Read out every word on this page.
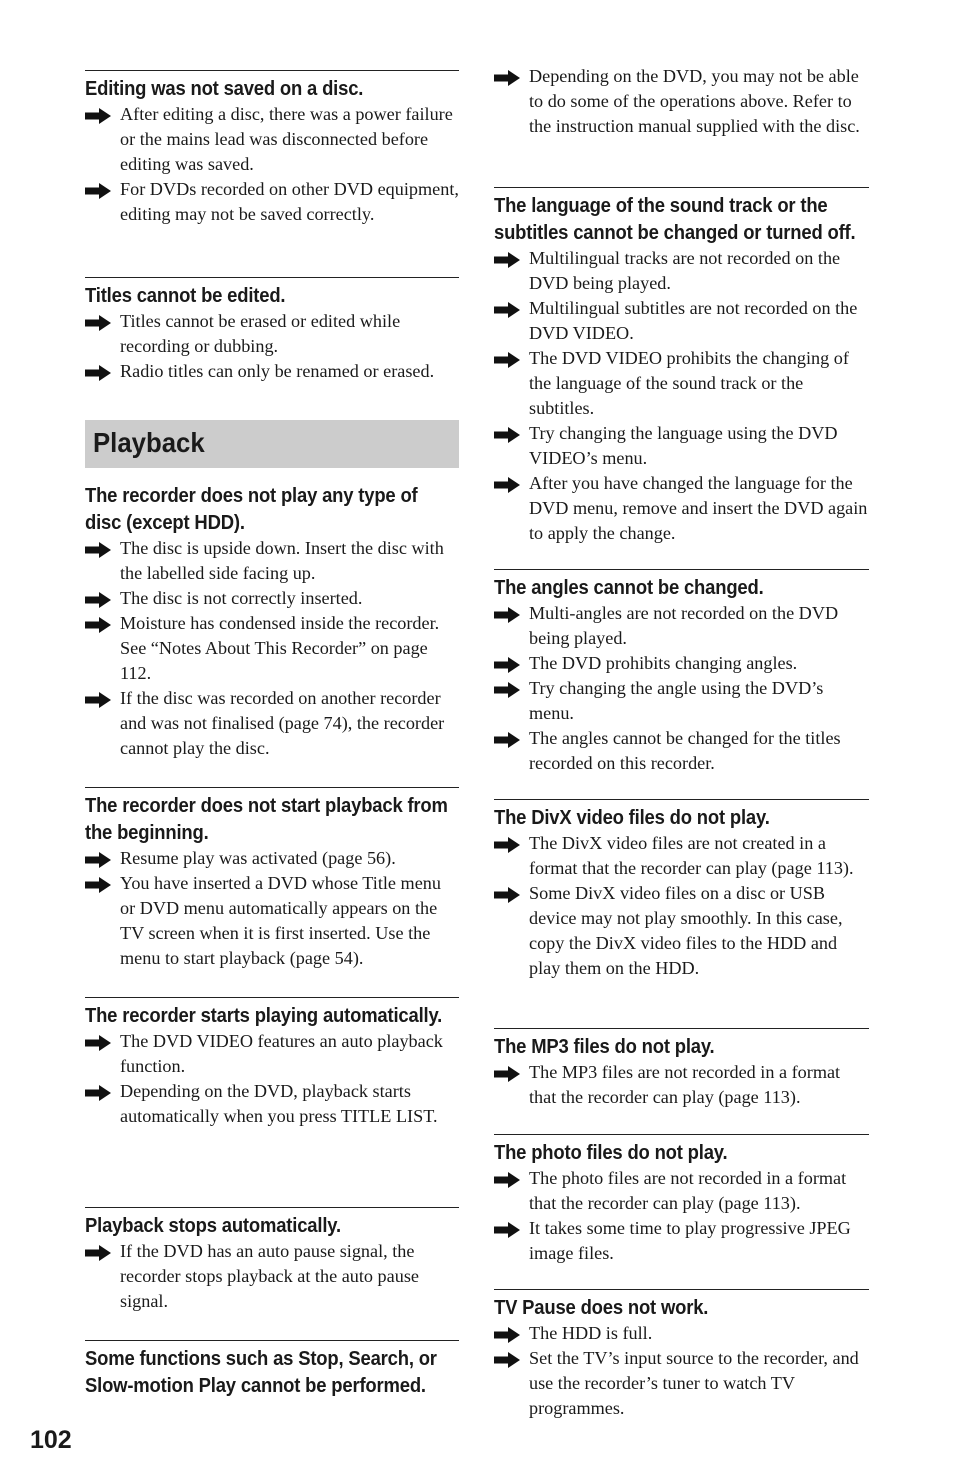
Editing was not saved on a disc.
After editing a disc, there was a power failure or the mains lead was disconnected before editing was saved.
For DVDs recorded on other DVD equipment, editing may not be saved correctly.
Titles cannot be edited.
Titles cannot be erased or edited while recording or dubbing.
Radio titles can only be renamed or erased.
The recorder does not play any type of disc (except HDD).
The disc is upside down. Insert the disc with the labelled side facing up.
The disc is not correctly inserted.
Moisture has condensed inside the recorder. See “Notes About This Recorder” on page 112.
If the disc was recorded on another recorder and was not finalised (page 74), the recorder cannot play the disc.
The recorder does not start playback from the beginning.
Resume play was activated (page 56).
You have inserted a DVD whose Title menu or DVD menu automatically appears on the TV screen when it is first inserted. Use the menu to start playback (page 54).
The recorder starts playing automatically.
The DVD VIDEO features an auto playback function.
Depending on the DVD, playback starts automatically when you press TITLE LIST.
Playback stops automatically.
If the DVD has an auto pause signal, the recorder stops playback at the auto pause signal.
Some functions such as Stop, Search, or Slow-motion Play cannot be performed.
Playback
Depending on the DVD, you may not be able to do some of the operations above. Refer to the instruction manual supplied with the disc.
The language of the sound track or the subtitles cannot be changed or turned off.
Multilingual tracks are not recorded on the DVD being played.
Multilingual subtitles are not recorded on the DVD VIDEO.
The DVD VIDEO prohibits the changing of the language of the sound track or the subtitles.
Try changing the language using the DVD VIDEO’s menu.
After you have changed the language for the DVD menu, remove and insert the DVD again to apply the change.
The angles cannot be changed.
Multi-angles are not recorded on the DVD being played.
The DVD prohibits changing angles.
Try changing the angle using the DVD’s menu.
The angles cannot be changed for the titles recorded on this recorder.
The DivX video files do not play.
The DivX video files are not created in a format that the recorder can play (page 113).
Some DivX video files on a disc or USB device may not play smoothly. In this case, copy the DivX video files to the HDD and play them on the HDD.
The MP3 files do not play.
The MP3 files are not recorded in a format that the recorder can play (page 113).
The photo files do not play.
The photo files are not recorded in a format that the recorder can play (page 113).
It takes some time to play progressive JPEG image files.
TV Pause does not work.
The HDD is full.
Set the TV’s input source to the recorder, and use the recorder’s tuner to watch TV programmes.
102
